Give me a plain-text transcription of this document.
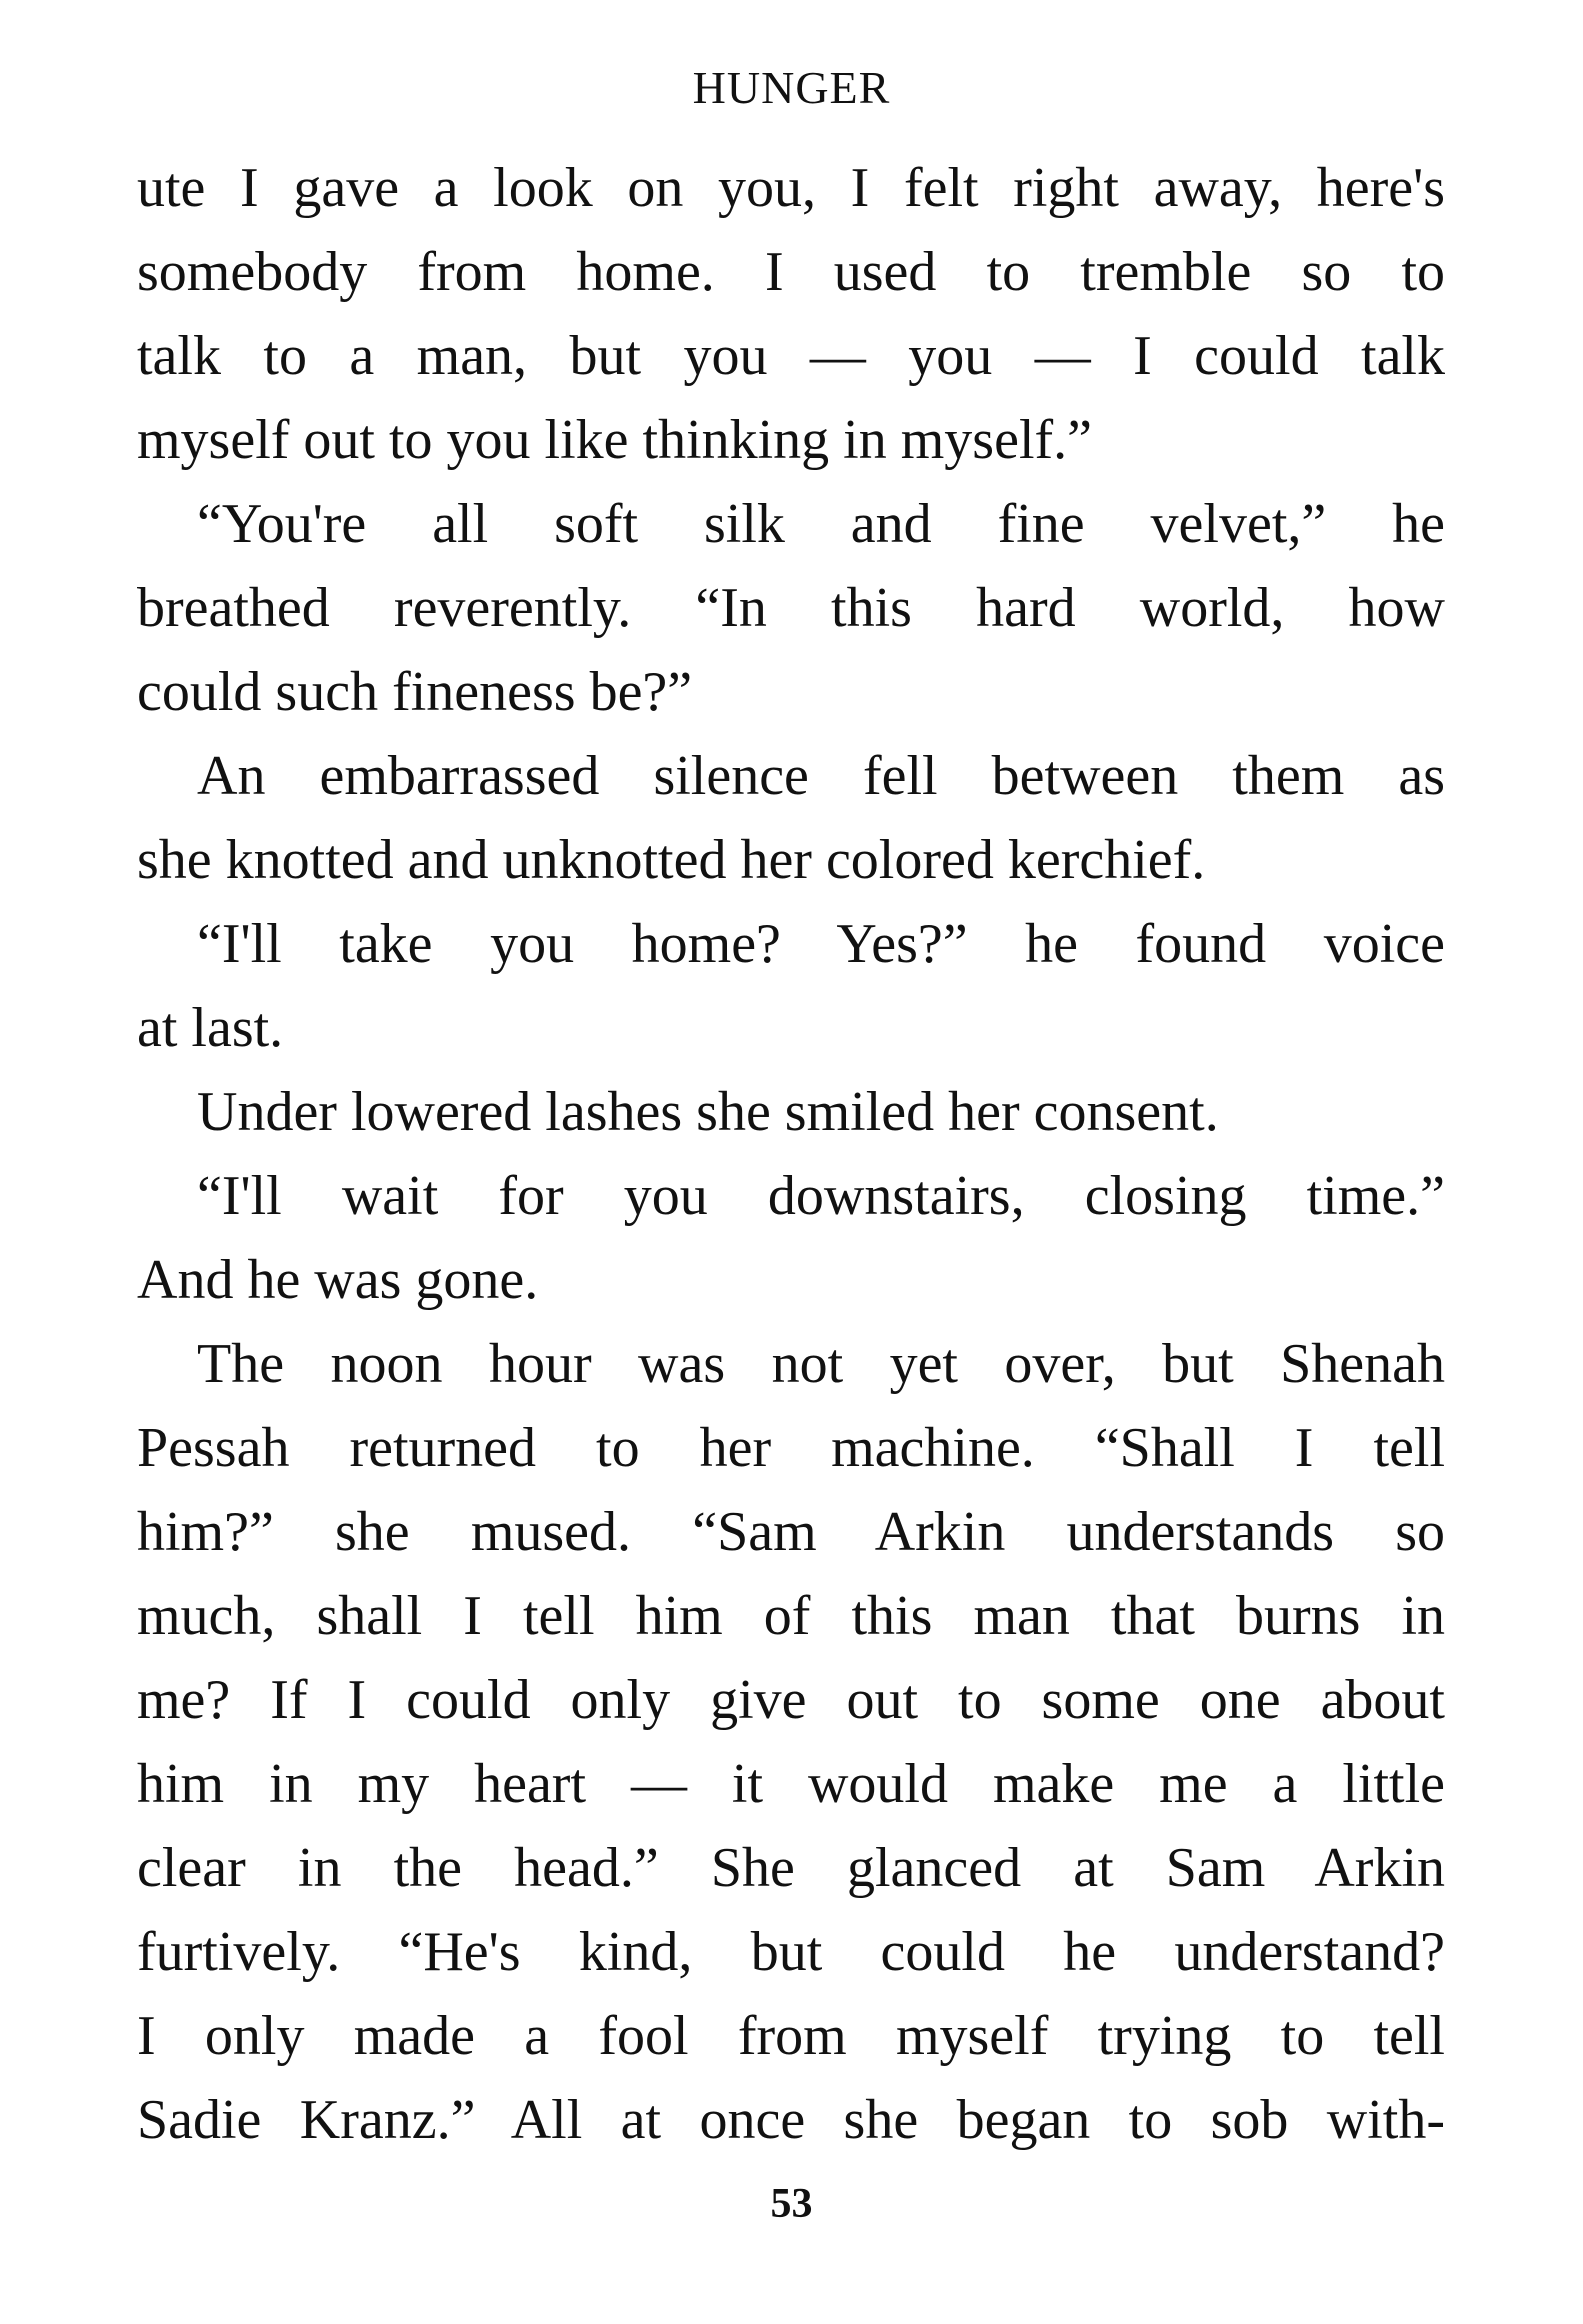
HUNGER
ute I gave a look on you, I felt right away, here's
somebody from home. I used to tremble so to
talk to a man, but you — you — I could talk
myself out to you like thinking in myself.”
“You're all soft silk and fine velvet,” he
breathed reverently. “In this hard world, how
could such fineness be?”
An embarrassed silence fell between them as
she knotted and unknotted her colored kerchief.
“I'll take you home? Yes?” he found voice
at last.
Under lowered lashes she smiled her consent.
“I'll wait for you downstairs, closing time.”
And he was gone.
The noon hour was not yet over, but Shenah
Pessah returned to her machine. “Shall I tell
him?” she mused. “Sam Arkin understands so
much, shall I tell him of this man that burns in
me? If I could only give out to some one about
him in my heart — it would make me a little
clear in the head.” She glanced at Sam Arkin
furtively. “He's kind, but could he understand?
I only made a fool from myself trying to tell
Sadie Kranz.” All at once she began to sob with-
53
